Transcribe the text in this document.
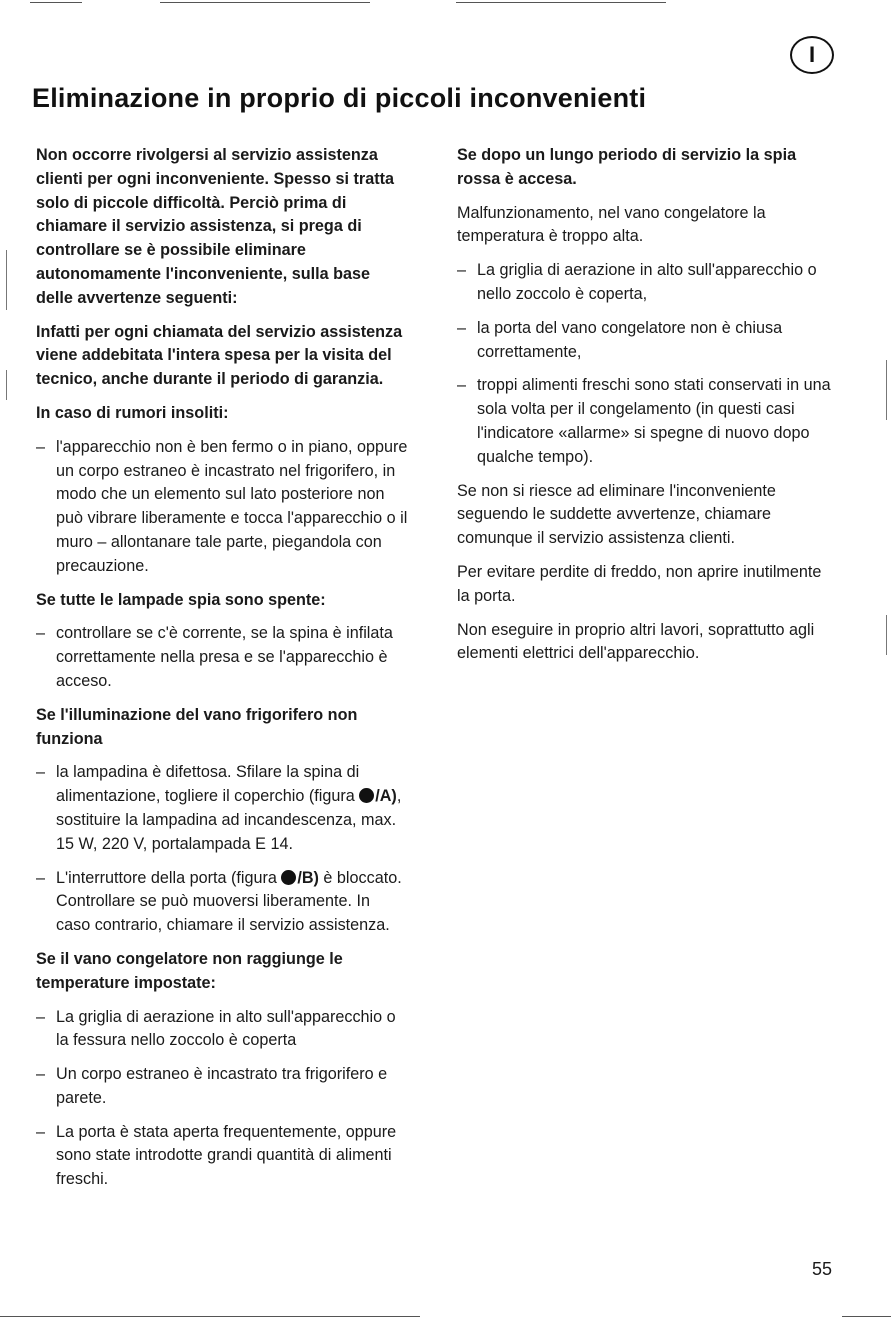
I
Eliminazione in proprio di piccoli inconvenienti

Non occorre rivolgersi al servizio assistenza clienti per ogni inconveniente. Spesso si tratta solo di piccole difficoltà. Perciò prima di chiamare il servizio assistenza, si prega di controllare se è possibile eliminare autonomamente l'inconveniente, sulla base delle avvertenze seguenti:

Infatti per ogni chiamata del servizio assistenza viene addebitata l'intera spesa per la visita del tecnico, anche durante il periodo di garanzia.

In caso di rumori insoliti:

– l'apparecchio non è ben fermo o in piano, oppure un corpo estraneo è incastrato nel frigorifero, in modo che un elemento sul lato posteriore non può vibrare liberamente e tocca l'apparecchio o il muro – allontanare tale parte, piegandola con precauzione.

Se tutte le lampade spia sono spente:

– controllare se c'è corrente, se la spina è infilata correttamente nella presa e se l'apparecchio è acceso.

Se l'illuminazione del vano frigorifero non funziona

– la lampadina è difettosa. Sfilare la spina di alimentazione, togliere il coperchio (figura /A), sostituire la lampadina ad incandescenza, max. 15 W, 220 V, portalampada E 14.
– L'interruttore della porta (figura /B) è bloccato. Controllare se può muoversi liberamente. In caso contrario, chiamare il servizio assistenza.

Se il vano congelatore non raggiunge le temperature impostate:

– La griglia di aerazione in alto sull'apparecchio o la fessura nello zoccolo è coperta
– Un corpo estraneo è incastrato tra frigorifero e parete.
– La porta è stata aperta frequentemente, oppure sono state introdotte grandi quantità di alimenti freschi.

Se dopo un lungo periodo di servizio la spia rossa è accesa.

Malfunzionamento, nel vano congelatore la temperatura è troppo alta.

– La griglia di aerazione in alto sull'apparecchio o nello zoccolo è coperta,
– la porta del vano congelatore non è chiusa correttamente,
– troppi alimenti freschi sono stati conservati in una sola volta per il congelamento (in questi casi l'indicatore «allarme» si spegne di nuovo dopo qualche tempo).

Se non si riesce ad eliminare l'inconveniente seguendo le suddette avvertenze, chiamare comunque il servizio assistenza clienti.

Per evitare perdite di freddo, non aprire inutilmente la porta.

Non eseguire in proprio altri lavori, soprattutto agli elementi elettrici dell'apparecchio.

55
